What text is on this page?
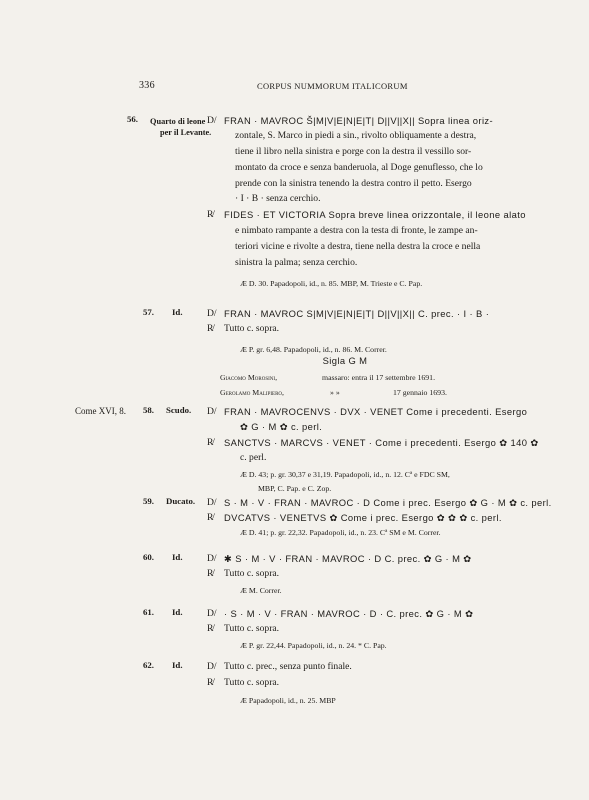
336	CORPUS NUMMORUM ITALICORUM
56. Quarto di leone
per il Levante.
D/ FRAN · MAVROC Š|M|V|E|N|E|T| D||V||X|| Sopra linea oriz-
zontale, S. Marco in piedi a sin., rivolto obliquamente a destra,
tiene il libro nella sinistra e porge con la destra il vessillo sor-
montato da croce e senza banderuola, al Doge genuflesso, che lo
prende con la sinistra tenendo la destra contro il petto. Esergo
· I · B · senza cerchio.
R̸ FIDES · ET VICTORIA Sopra breve linea orizzontale, il leone alato
e nimbato rampante a destra con la testa di fronte, le zampe an-
teriori vicine e rivolte a destra, tiene nella destra la croce e nella
sinistra la palma; senza cerchio.
Æ D. 30. Papadopoli, id., n. 85. MBP, M. Trieste e C. Pap.
57. Id.	D/ FRAN · MAVROC S|M|V|E|N|E|T| D||V||X|| C. prec. · I · B ·
R̸ Tutto c. sopra.
Æ P. gr. 6,48. Papadopoli, id., n. 86. M. Correr.
Sigla G M
Giacomo Morosini,	massaro: entra il 17 settembre 1691.
Gerolamo Malipiero,	» »	17 gennaio 1693.
Come XVI, 8. 58. Scudo. D/ FRAN · MAVROCENVS · DVX · VENET Come i precedenti. Esergo
✿ G · M ✿ c. perl.
R̸ SANCTVS · MARCVS · VENET · Come i precedenti. Esergo ✿ 140 ✿
c. perl.
Æ D. 43; p. gr. 30,37 e 31,19. Papadopoli, id., n. 12. Cª e FDC SM,
MBP, C. Pap. e C. Zop.
59. Ducato. D/ S · M · V · FRAN · MAVROC · D Come i prec. Esergo ✿ G · M ✿ c. perl.
R̸ DVCATVS · VENETVS ✿ Come i prec. Esergo ✿ ✿ ✿ c. perl.
Æ D. 41; p. gr. 22,32. Papadopoli, id., n. 23. Cª SM e M. Correr.
60. Id.	D/ ✱ S · M · V · FRAN · MAVROC · D C. prec. ✿ G · M ✿
R̸ Tutto c. sopra.
Æ M. Correr.
61. Id.	D/ · S · M · V · FRAN · MAVROC · D · C. prec. ✿ G · M ✿
R̸ Tutto c. sopra.
Æ P. gr. 22,44. Papadopoli, id., n. 24. * C. Pap.
62. Id.	D/ Tutto c. prec., senza punto finale.
R̸ Tutto c. sopra.
Æ Papadopoli, id., n. 25. MBP
